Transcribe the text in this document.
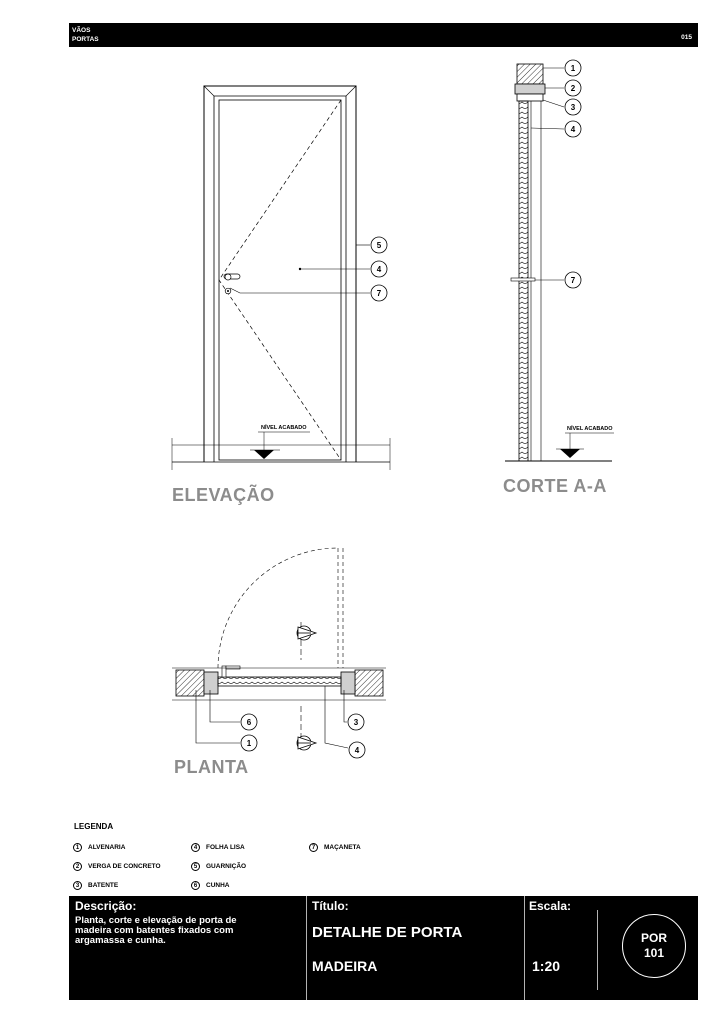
VÃOS
PORTAS	015
5
4
7
1
2
3
4
7
6
1
3
4
NÍVEL ACABADO	NÍVEL ACABADO
ELEVAÇÃO	CORTE A-A
PLANTA
LEGENDA
1	ALVENARIA
2	VERGA DE CONCRETO
3	BATENTE
4	FOLHA LISA
5	GUARNIÇÃO
6	CUNHA
7	MAÇANETA
Descrição:
Planta, corte e elevação de porta de madeira com batentes fixados com argamassa e cunha.
Título:
DETALHE DE PORTA
MADEIRA
Escala:
1:20
POR
101
